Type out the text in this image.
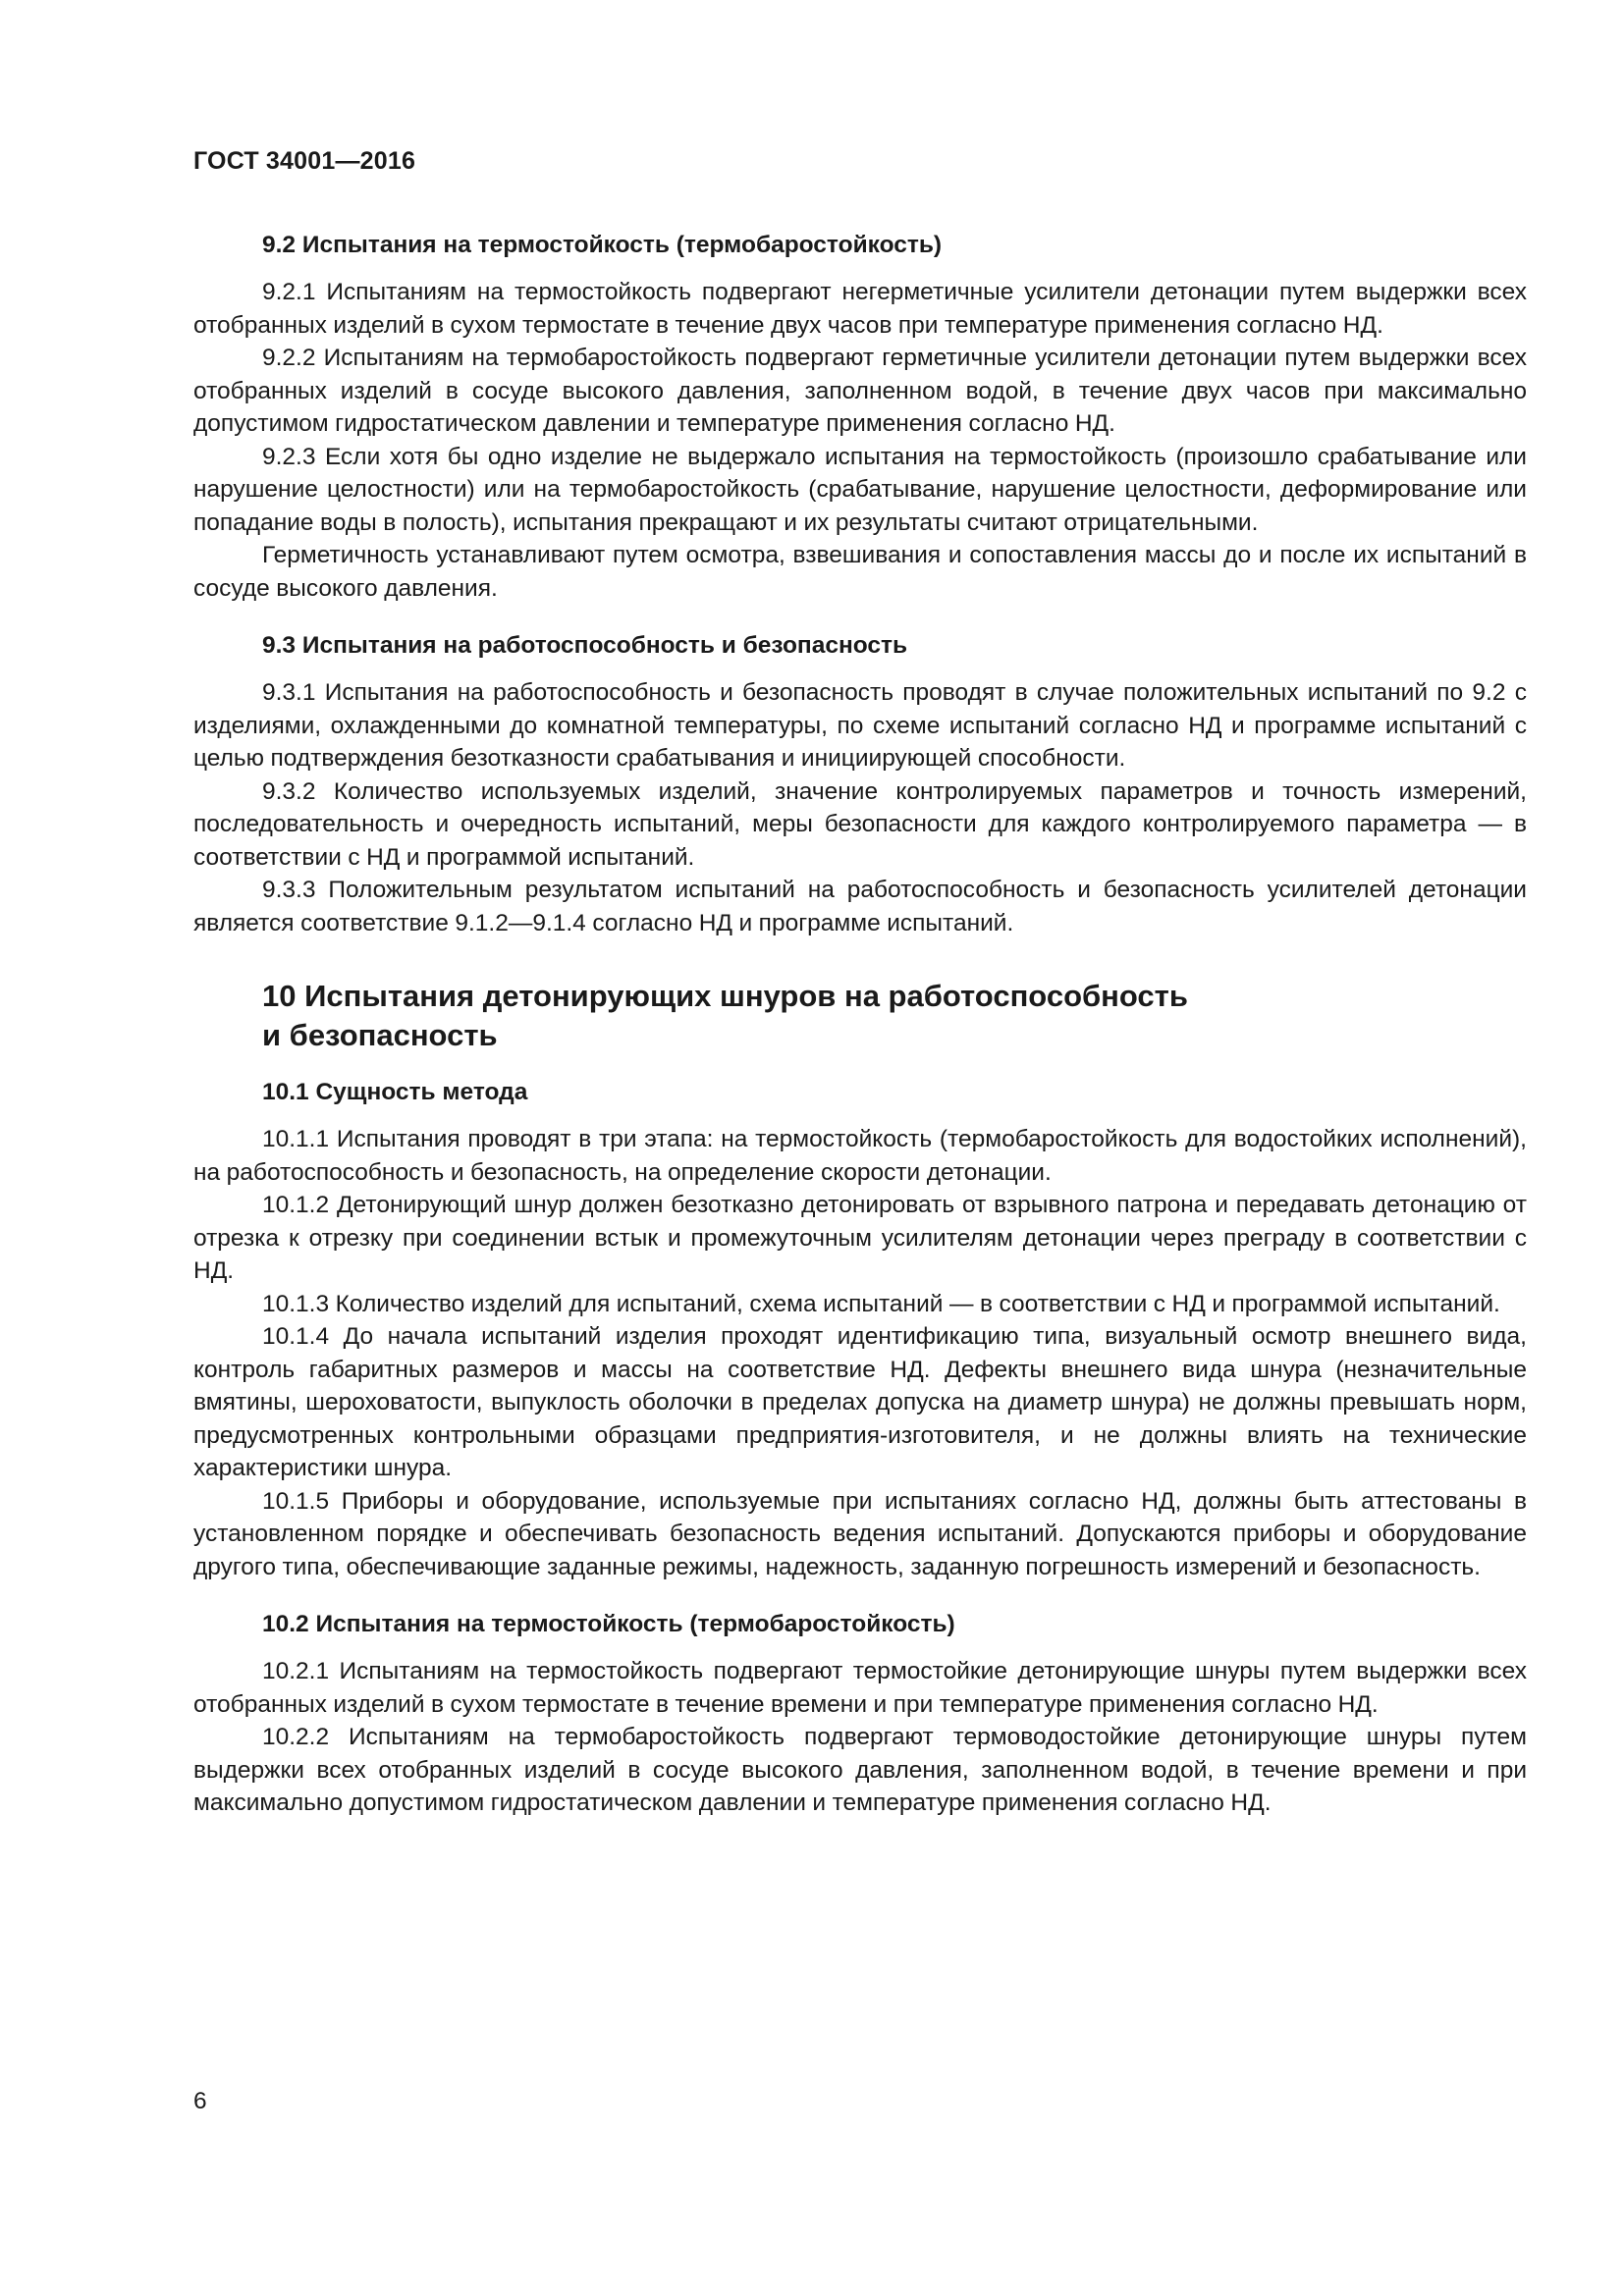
ГОСТ 34001—2016
9.2 Испытания на термостойкость (термобаростойкость)

9.2.1 Испытаниям на термостойкость подвергают негерметичные усилители детонации путем выдержки всех отобранных изделий в сухом термостате в течение двух часов при температуре применения согласно НД.

9.2.2 Испытаниям на термобаростойкость подвергают герметичные усилители детонации путем выдержки всех отобранных изделий в сосуде высокого давления, заполненном водой, в течение двух часов при максимально допустимом гидростатическом давлении и температуре применения согласно НД.

9.2.3 Если хотя бы одно изделие не выдержало испытания на термостойкость (произошло срабатывание или нарушение целостности) или на термобаростойкость (срабатывание, нарушение целостности, деформирование или попадание воды в полость), испытания прекращают и их результаты считают отрицательными.

Герметичность устанавливают путем осмотра, взвешивания и сопоставления массы до и после их испытаний в сосуде высокого давления.

9.3 Испытания на работоспособность и безопасность

9.3.1 Испытания на работоспособность и безопасность проводят в случае положительных испытаний по 9.2 с изделиями, охлажденными до комнатной температуры, по схеме испытаний согласно НД и программе испытаний с целью подтверждения безотказности срабатывания и инициирующей способности.

9.3.2 Количество используемых изделий, значение контролируемых параметров и точность измерений, последовательность и очередность испытаний, меры безопасности для каждого контролируемого параметра — в соответствии с НД и программой испытаний.

9.3.3 Положительным результатом испытаний на работоспособность и безопасность усилителей детонации является соответствие 9.1.2—9.1.4 согласно НД и программе испытаний.

10 Испытания детонирующих шнуров на работоспособность
и безопасность
10.1 Сущность метода

10.1.1 Испытания проводят в три этапа: на термостойкость (термобаростойкость для водостойких исполнений), на работоспособность и безопасность, на определение скорости детонации.

10.1.2 Детонирующий шнур должен безотказно детонировать от взрывного патрона и передавать детонацию от отрезка к отрезку при соединении встык и промежуточным усилителям детонации через преграду в соответствии с НД.

10.1.3 Количество изделий для испытаний, схема испытаний — в соответствии с НД и программой испытаний.

10.1.4 До начала испытаний изделия проходят идентификацию типа, визуальный осмотр внешнего вида, контроль габаритных размеров и массы на соответствие НД. Дефекты внешнего вида шнура (незначительные вмятины, шероховатости, выпуклость оболочки в пределах допуска на диаметр шнура) не должны превышать норм, предусмотренных контрольными образцами предприятия-изготовителя, и не должны влиять на технические характеристики шнура.

10.1.5 Приборы и оборудование, используемые при испытаниях согласно НД, должны быть аттестованы в установленном порядке и обеспечивать безопасность ведения испытаний. Допускаются приборы и оборудование другого типа, обеспечивающие заданные режимы, надежность, заданную погрешность измерений и безопасность.

10.2 Испытания на термостойкость (термобаростойкость)

10.2.1 Испытаниям на термостойкость подвергают термостойкие детонирующие шнуры путем выдержки всех отобранных изделий в сухом термостате в течение времени и при температуре применения согласно НД.

10.2.2 Испытаниям на термобаростойкость подвергают термоводостойкие детонирующие шнуры путем выдержки всех отобранных изделий в сосуде высокого давления, заполненном водой, в течение времени и при максимально допустимом гидростатическом давлении и температуре применения согласно НД.

6
